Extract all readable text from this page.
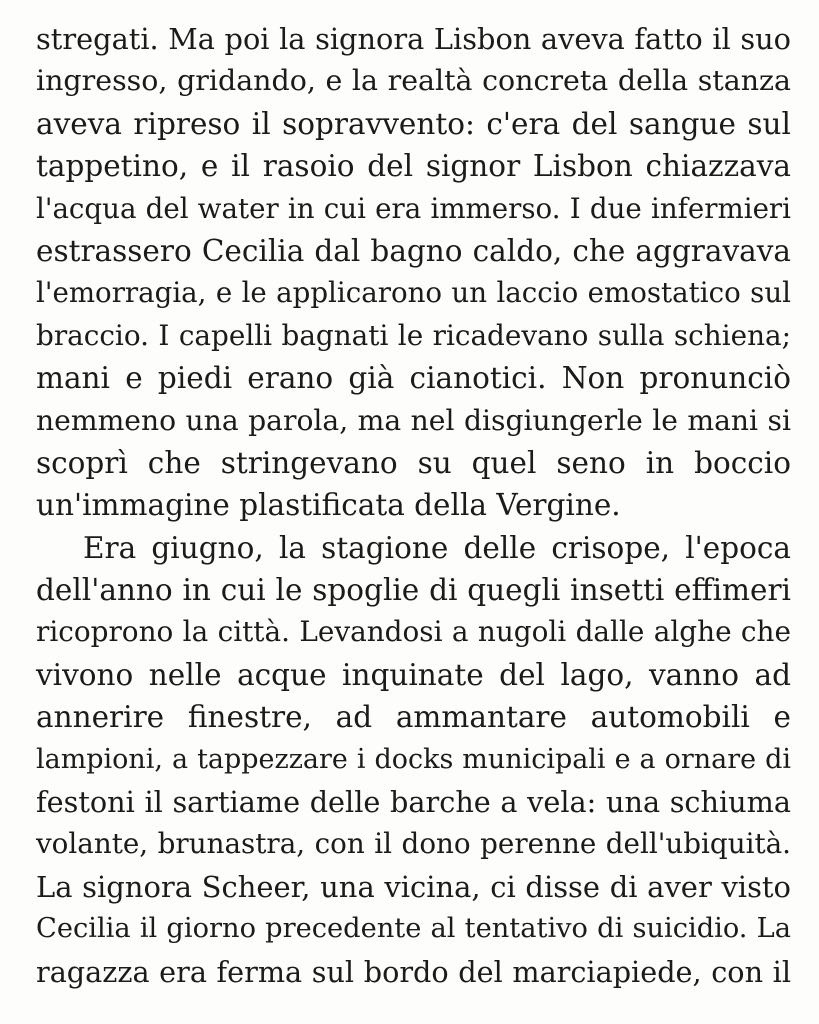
stregati. Ma poi la signora Lisbon aveva fatto il suo
ingresso, gridando, e la realtà concreta della stanza
aveva ripreso il sopravvento: c'era del sangue sul
tappetino, e il rasoio del signor Lisbon chiazzava
l'acqua del water in cui era immerso. I due infermieri
estrassero Cecilia dal bagno caldo, che aggravava
l'emorragia, e le applicarono un laccio emostatico sul
braccio. I capelli bagnati le ricadevano sulla schiena;
mani e piedi erano già cianotici. Non pronunciò
nemmeno una parola, ma nel disgiungerle le mani si
scoprì che stringevano su quel seno in boccio
un'immagine plastificata della Vergine.
Era giugno, la stagione delle crisope, l'epoca
dell'anno in cui le spoglie di quegli insetti effimeri
ricoprono la città. Levandosi a nugoli dalle alghe che
vivono nelle acque inquinate del lago, vanno ad
annerire finestre, ad ammantare automobili e
lampioni, a tappezzare i docks municipali e a ornare di
festoni il sartiame delle barche a vela: una schiuma
volante, brunastra, con il dono perenne dell'ubiquità.
La signora Scheer, una vicina, ci disse di aver visto
Cecilia il giorno precedente al tentativo di suicidio. La
ragazza era ferma sul bordo del marciapiede, con il
